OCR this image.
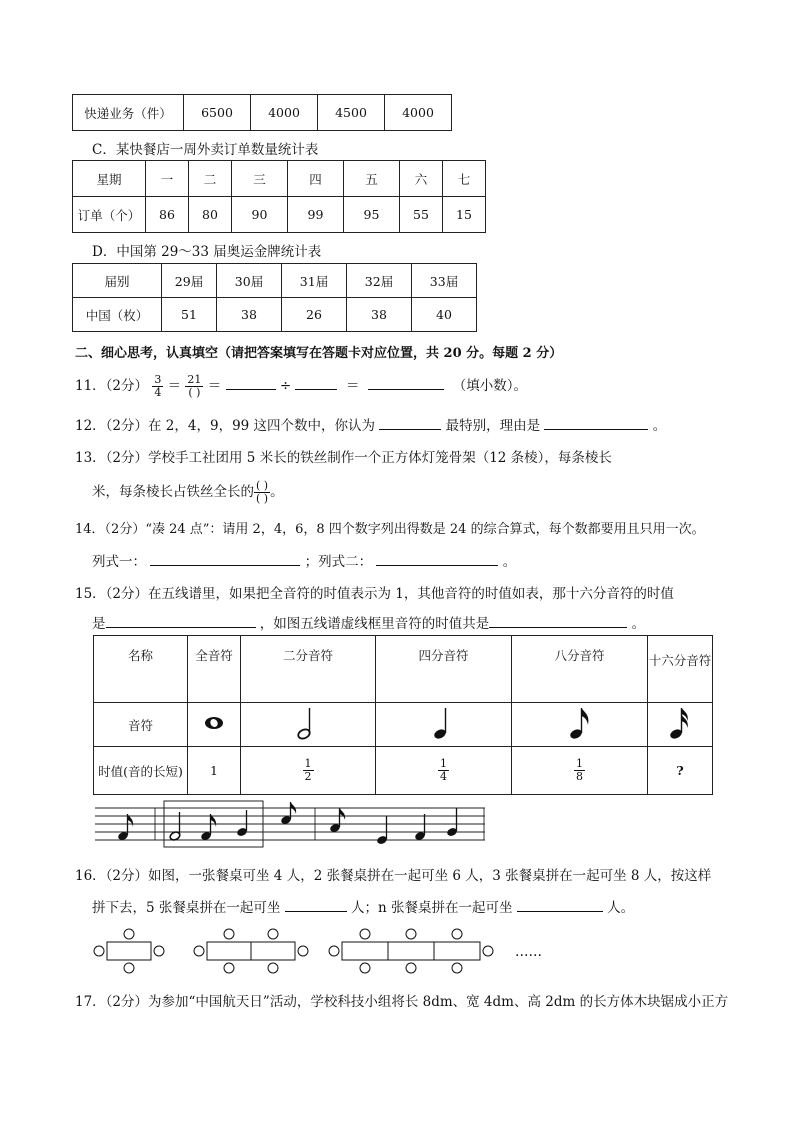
快递业务（件）	6500	4000	4500	4000
C．某快餐店一周外卖订单数量统计表
星期	一	二	三	四	五	六	七
订单（个）	86	80	90	99	95	55	15
D．中国第 29～33 届奥运金牌统计表
届别	29届	30届	31届	32届	33届
中国（枚）	51	38	26	38	40
二、细心思考，认真填空（请把答案填写在答题卡对应位置，共 20 分。每题 2 分）
11．（2分） $\frac{3}{4} = \frac{21}{( )}$ ＝	÷	＝	（填小数）。
12．（2分）在 2，4，9，99 这四个数中，你认为	最特别，理由是	。
13．（2分）学校手工社团用 5 米长的铁丝制作一个正方体灯笼骨架（12 条棱），每条棱长
米，每条棱长占铁丝全长的 $\frac{( )}{( )}$ 。
14．（2分）“凑 24 点”：请用 2，4，6，8 四个数字列出得数是 24 的综合算式，每个数都要用且只用一次。
列式一：	；列式二：	。
15．（2分）在五线谱里，如果把全音符的时值表示为 1，其他音符的时值如表，那十六分音符的时值
是	，如图五线谱虚线框里音符的时值共是	。
名称	全音符	二分音符	四分音符	八分音符	十六分音符
音符					
时值(音的长短)	1	$\frac{1}{2}$	$\frac{1}{4}$	$\frac{1}{8}$	?
16．（2分）如图，一张餐桌可坐 4 人，2 张餐桌拼在一起可坐 6 人，3 张餐桌拼在一起可坐 8 人，按这样
拼下去，5 张餐桌拼在一起可坐	人；n 张餐桌拼在一起可坐	人。
……
17．（2分）为参加“中国航天日”活动，学校科技小组将长 8dm、宽 4dm、高 2dm 的长方体木块锯成小正方
